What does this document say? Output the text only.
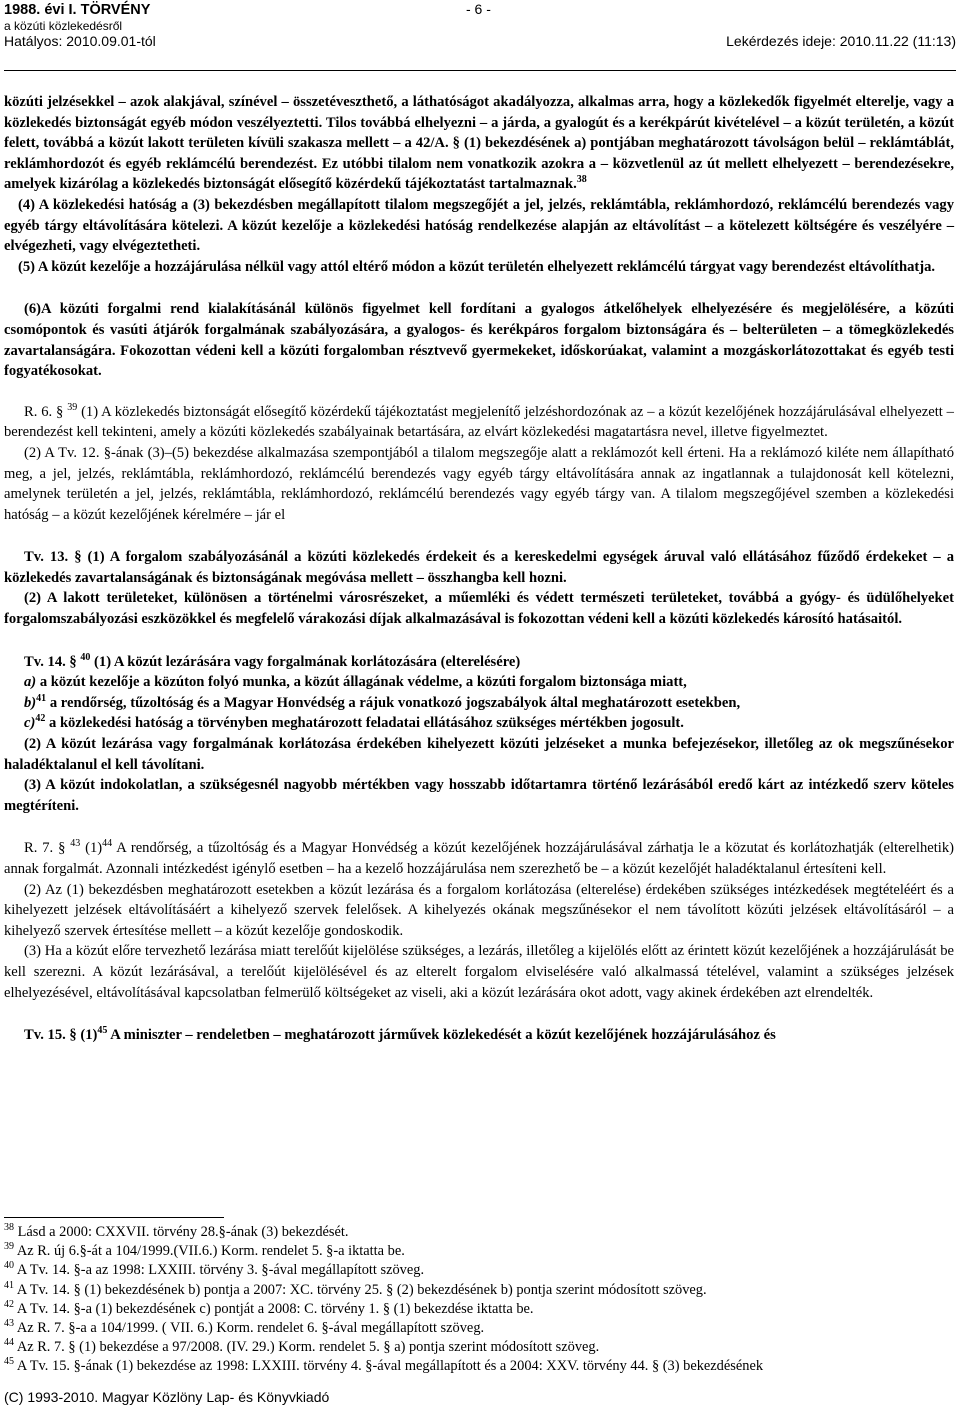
1988. évi I. TÖRVÉNY
a közúti közlekedésről
Hatályos: 2010.09.01-tól	Lekérdezés ideje: 2010.11.22 (11:13)
- 6 -

közúti jelzésekkel – azok alakjával, színével – összetéveszthető, a láthatóságot akadályozza, alkalmas arra, hogy a közlekedők figyelmét elterelje, vagy a közlekedés biztonságát egyéb módon veszélyeztetti. Tilos továbbá elhelyezni – a járda, a gyalogút és a kerékpárút kivételével – a közút területén, a közút felett, továbbá a közút lakott területen kívüli szakasza mellett – a 42/A. § (1) bekezdésének a) pontjában meghatározott távolságon belül – reklámtáblát, reklámhordozót és egyéb reklámcélú berendezést. Ez utóbbi tilalom nem vonatkozik azokra a – közvetlenül az út mellett elhelyezett – berendezésekre, amelyek kizárólag a közlekedés biztonságát elősegítő közérdekű tájékoztatást tartalmaznak.$^{38}$

(4) A közlekedési hatóság a (3) bekezdésben megállapított tilalom megszegőjét a jel, jelzés, reklámtábla, reklámhordozó, reklámcélú berendezés vagy egyéb tárgy eltávolítására kötelezi. A közút kezelője a közlekedési hatóság rendelkezése alapján az eltávolítást – a kötelezett költségére és veszélyére – elvégezheti, vagy elvégeztetheti.

(5) A közút kezelője a hozzájárulása nélkül vagy attól eltérő módon a közút területén elhelyezett reklámcélú tárgyat vagy berendezést eltávolíthatja.

(6)A közúti forgalmi rend kialakításánál különös figyelmet kell fordítani a gyalogos átkelőhelyek elhelyezésére és megjelölésére, a közúti csomópontok és vasúti átjárók forgalmának szabályozására, a gyalogos- és kerékpáros forgalom biztonságára és – belterületen – a tömegközlekedés zavartalanságára. Fokozottan védeni kell a közúti forgalomban résztvevő gyermekeket, időskorúakat, valamint a mozgáskorlátozottakat és egyéb testi fogyatékosokat.

R. 6. § $^{39}$ (1) A közlekedés biztonságát elősegítő közérdekű tájékoztatást megjelenítő jelzéshordozónak az – a közút kezelőjének hozzájárulásával elhelyezett – berendezést kell tekinteni, amely a közúti közlekedés szabályainak betartására, az elvárt közlekedési magatartásra nevel, illetve figyelmeztet.

(2) A Tv. 12. §-ának (3)–(5) bekezdése alkalmazása szempontjából a tilalom megszegője alatt a reklámozót kell érteni. Ha a reklámozó kiléte nem állapítható meg, a jel, jelzés, reklámtábla, reklámhordozó, reklámcélú berendezés vagy egyéb tárgy eltávolítására annak az ingatlannak a tulajdonosát kell kötelezni, amelynek területén a jel, jelzés, reklámtábla, reklámhordozó, reklámcélú berendezés vagy egyéb tárgy van. A tilalom megszegőjével szemben a közlekedési hatóság – a közút kezelőjének kérelmére – jár el

Tv. 13. § (1) A forgalom szabályozásánál a közúti közlekedés érdekeit és a kereskedelmi egységek áruval való ellátásához fűződő érdekeket – a közlekedés zavartalanságának és biztonságának megóvása mellett – összhangba kell hozni.

(2) A lakott területeket, különösen a történelmi városrészeket, a műemléki és védett természeti területeket, továbbá a gyógy- és üdülőhelyeket forgalomszabályozási eszközökkel és megfelelő várakozási díjak alkalmazásával is fokozottan védeni kell a közúti közlekedés károsító hatásaitól.

Tv. 14. § $^{40}$ (1) A közút lezárására vagy forgalmának korlátozására (elterelésére)

a) a közút kezelője a közúton folyó munka, a közút állagának védelme, a közúti forgalom biztonsága miatt,

b)$^{41}$ a rendőrség, tűzoltóság és a Magyar Honvédség a rájuk vonatkozó jogszabályok által meghatározott esetekben,

c)$^{42}$ a közlekedési hatóság a törvényben meghatározott feladatai ellátásához szükséges mértékben jogosult.

(2) A közút lezárása vagy forgalmának korlátozása érdekében kihelyezett közúti jelzéseket a munka befejezésekor, illetőleg az ok megszűnésekor haladéktalanul el kell távolítani.

(3) A közút indokolatlan, a szükségesnél nagyobb mértékben vagy hosszabb időtartamra történő lezárásából eredő kárt az intézkedő szerv köteles megtéríteni.

R. 7. § $^{43}$ $(1)^{44}$ A rendőrség, a tűzoltóság és a Magyar Honvédség a közút kezelőjének hozzájárulásával zárhatja le a közutat és korlátozhatják (elterelhetik) annak forgalmát. Azonnali intézkedést igénylő esetben – ha a kezelő hozzájárulása nem szerezhető be – a közút kezelőjét haladéktalanul értesíteni kell.

(2) Az (1) bekezdésben meghatározott esetekben a közút lezárása és a forgalom korlátozása (elterelése) érdekében szükséges intézkedések megtételéért és a kihelyezett jelzések eltávolításáért a kihelyező szervek felelősek. A kihelyezés okának megszűnésekor el nem távolított közúti jelzések eltávolításáról – a kihelyező szervek értesítése mellett – a közút kezelője gondoskodik.

(3) Ha a közút előre tervezhető lezárása miatt terelőút kijelölése szükséges, a lezárás, illetőleg a kijelölés előtt az érintett közút kezelőjének a hozzájárulását be kell szerezni. A közút lezárásával, a terelőút kijelölésével és az elterelt forgalom elviselésére való alkalmassá tételével, valamint a szükséges jelzések elhelyezésével, eltávolításával kapcsolatban felmerülő költségeket az viseli, aki a közút lezárására okot adott, vagy akinek érdekében azt elrendelték.

Tv. 15. § $(1)^{45}$ A miniszter – rendeletben – meghatározott járművek közlekedését a közút kezelőjének hozzájárulásához és

$^{38}$ Lásd a 2000: CXXVII. törvény 28.§-ának (3) bekezdését.
$^{39}$ Az R. új 6.§-át a 104/1999.(VII.6.) Korm. rendelet 5. §-a iktatta be.
$^{40}$ A Tv. 14. §-a az 1998: LXXIII. törvény 3. §-ával megállapított szöveg.
$^{41}$ A Tv. 14. § (1) bekezdésének b) pontja a 2007: XC. törvény 25. § (2) bekezdésének b) pontja szerint módosított szöveg.
$^{42}$ A Tv. 14. §-a (1) bekezdésének c) pontját a 2008: C. törvény 1. § (1) bekezdése iktatta be.
$^{43}$ Az R. 7. §-a a 104/1999. ( VII. 6.) Korm. rendelet 6. §-ával megállapított szöveg.
$^{44}$ Az R. 7. § (1) bekezdése a 97/2008. (IV. 29.) Korm. rendelet 5. § a) pontja szerint módosított szöveg.
$^{45}$ A Tv. 15. §-ának (1) bekezdése az 1998: LXXIII. törvény 4. §-ával megállapított és a 2004: XXV. törvény 44. § (3) bekezdésének
(C) 1993-2010. Magyar Közlöny Lap- és Könyvkiadó
